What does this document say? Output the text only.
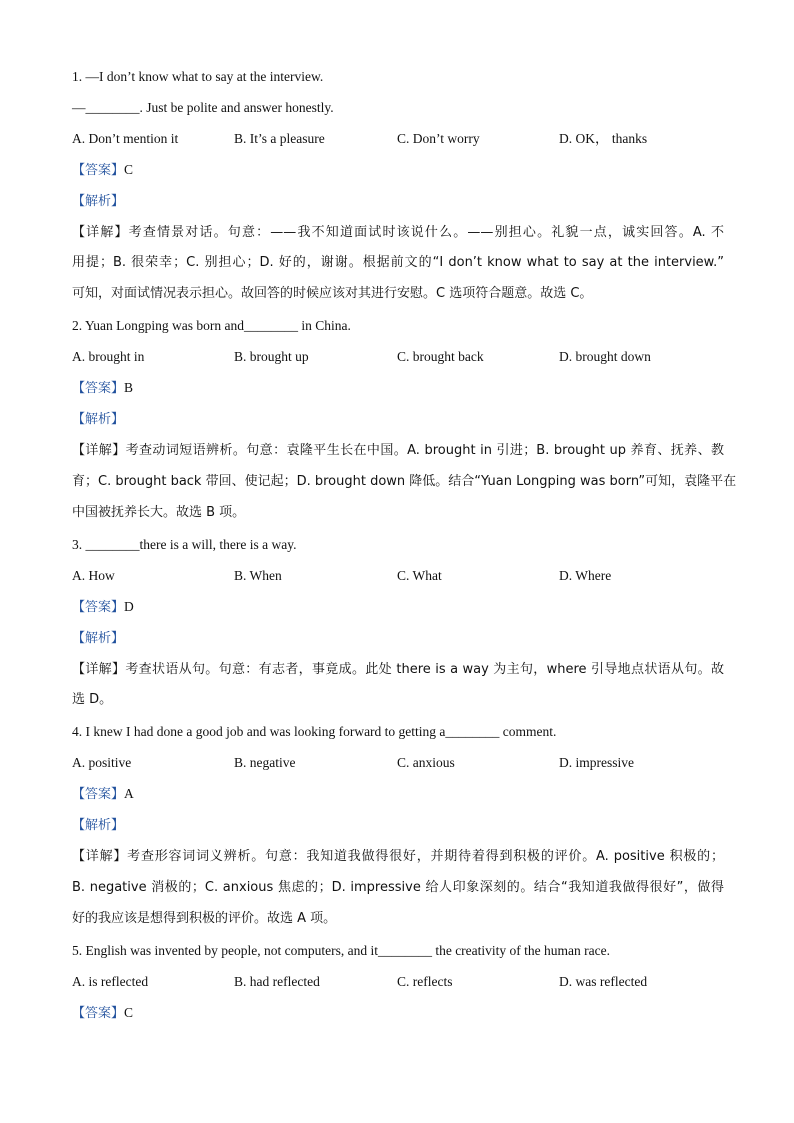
1. —I don’t know what to say at the interview.
—________. Just be polite and answer honestly.
A. Don’t mention it	B. It’s a pleasure	C. Don’t worry	D. OK， thanks
【答案】C
【解析】
【详解】考查情景对话。句意：——我不知道面试时该说什么。——别担心。礼貌一点，诚实回答。A. 不
用提；B. 很荣幸；C. 别担心；D. 好的，谢谢。根据前文的“I don’t know what to say at the interview.”
可知，对面试情况表示担心。故回答的时候应该对其进行安慰。C 选项符合题意。故选 C。
2. Yuan Longping was born and________ in China.
A. brought in	B. brought up	C. brought back	D. brought down
【答案】B
【解析】
【详解】考查动词短语辨析。句意：袁隆平生长在中国。A. brought in 引进；B. brought up 养育、抚养、教
育；C. brought back 带回、使记起；D. brought down 降低。结合“Yuan Longping was born”可知，袁隆平在
中国被抚养长大。故选 B 项。
3. ________there is a will, there is a way.
A. How	B. When	C. What	D. Where
【答案】D
【解析】
【详解】考查状语从句。句意：有志者，事竟成。此处 there is a way 为主句，where 引导地点状语从句。故
选 D。
4. I knew I had done a good job and was looking forward to getting a________ comment.
A. positive	B. negative	C. anxious	D. impressive
【答案】A
【解析】
【详解】考查形容词词义辨析。句意：我知道我做得很好，并期待着得到积极的评价。A. positive 积极的；
B. negative 消极的；C. anxious 焦虑的；D. impressive 给人印象深刻的。结合“我知道我做得很好”，做得
好的我应该是想得到积极的评价。故选 A 项。
5. English was invented by people, not computers, and it________ the creativity of the human race.
A. is reflected	B. had reflected	C. reflects	D. was reflected
【答案】C
